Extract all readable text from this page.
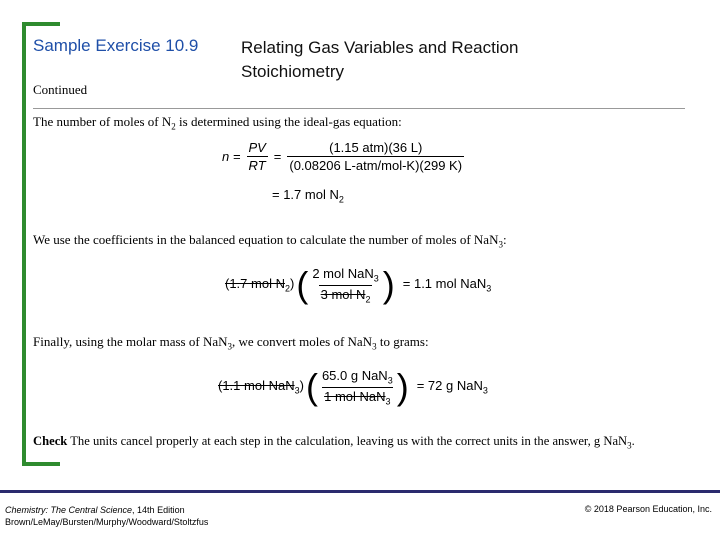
Sample Exercise 10.9	Relating Gas Variables and Reaction
Stoichiometry
Continued
The number of moles of $N_2$ is determined using the ideal-gas equation:
$n = \frac{PV}{RT} = \frac{\text{(1.15 atm)(36 L)}}{\text{(0.08206 L-atm/mol-K)(299 K)}}$
= 1.7 mol $N_2$
We use the coefficients in the balanced equation to calculate the number of moles of NaN$_3$:
(1.7 mol $N_2$) ( $\frac{2 mol NaN_3}{3 mol N_2}$ ) = 1.1 mol NaN$_3$
Finally, using the molar mass of NaN$_3$, we convert moles of NaN$_3$ to grams:
(1.1 mol NaN$_3$) ( $\frac{65.0 g NaN_3}{1 mol NaN_3}$ ) = 72 g NaN$_3$
Check The units cancel properly at each step in the calculation, leaving us with the correct units in the answer, g NaN$_3$.
Chemistry: The Central Science, 14th Edition
Brown/LeMay/Bursten/Murphy/Woodward/Stoltzfus
© 2018 Pearson Education, Inc.
